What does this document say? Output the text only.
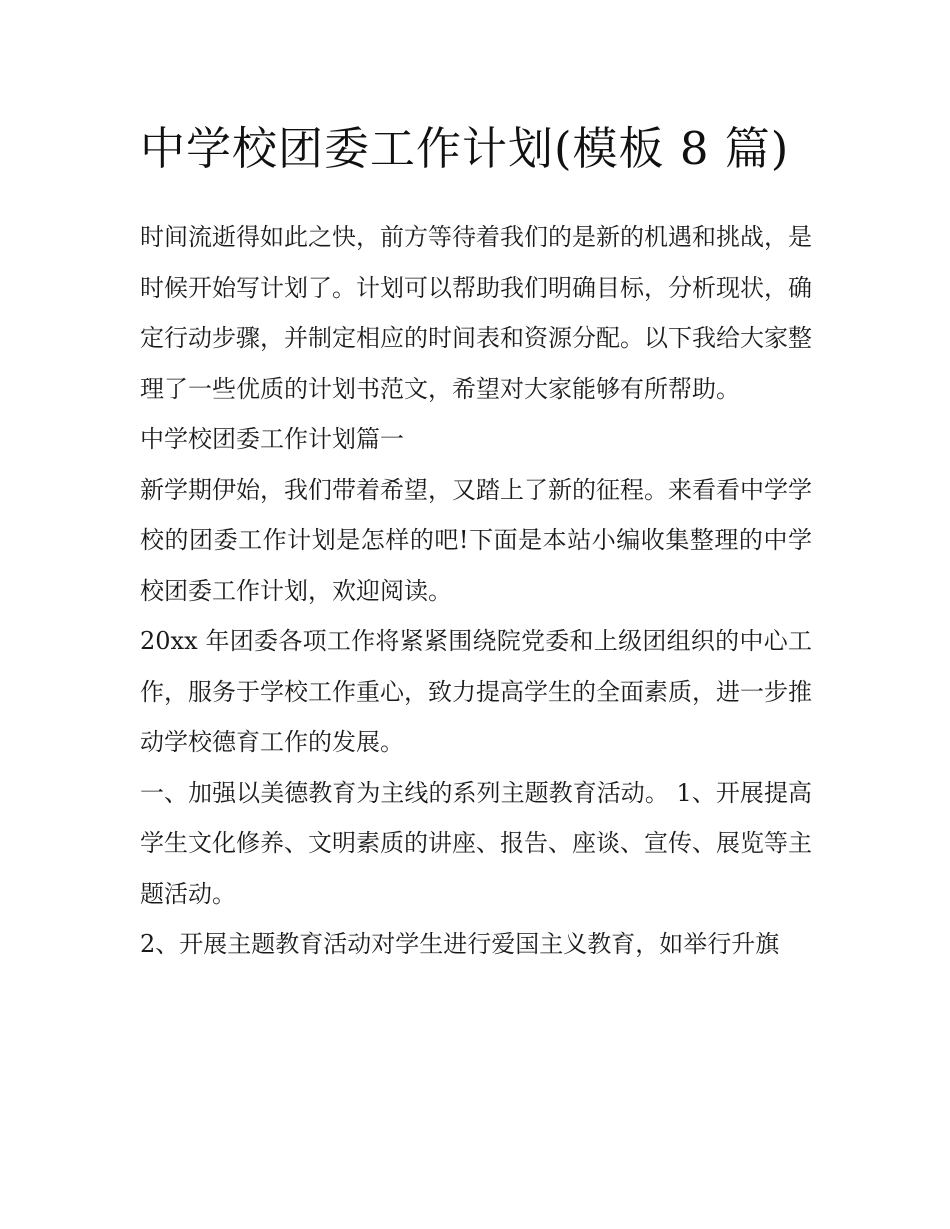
中学校团委工作计划(模板 8 篇)

时间流逝得如此之快，前方等待着我们的是新的机遇和挑战，是时候开始写计划了。计划可以帮助我们明确目标，分析现状，确定行动步骤，并制定相应的时间表和资源分配。以下我给大家整理了一些优质的计划书范文，希望对大家能够有所帮助。

中学校团委工作计划篇一

新学期伊始，我们带着希望，又踏上了新的征程。来看看中学学校的团委工作计划是怎样的吧!下面是本站小编收集整理的中学校团委工作计划，欢迎阅读。

20xx 年团委各项工作将紧紧围绕院党委和上级团组织的中心工作，服务于学校工作重心，致力提高学生的全面素质，进一步推动学校德育工作的发展。

一、加强以美德教育为主线的系列主题教育活动。 1、开展提高学生文化修养、文明素质的讲座、报告、座谈、宣传、展览等主题活动。

2、开展主题教育活动对学生进行爱国主义教育，如举行升旗
